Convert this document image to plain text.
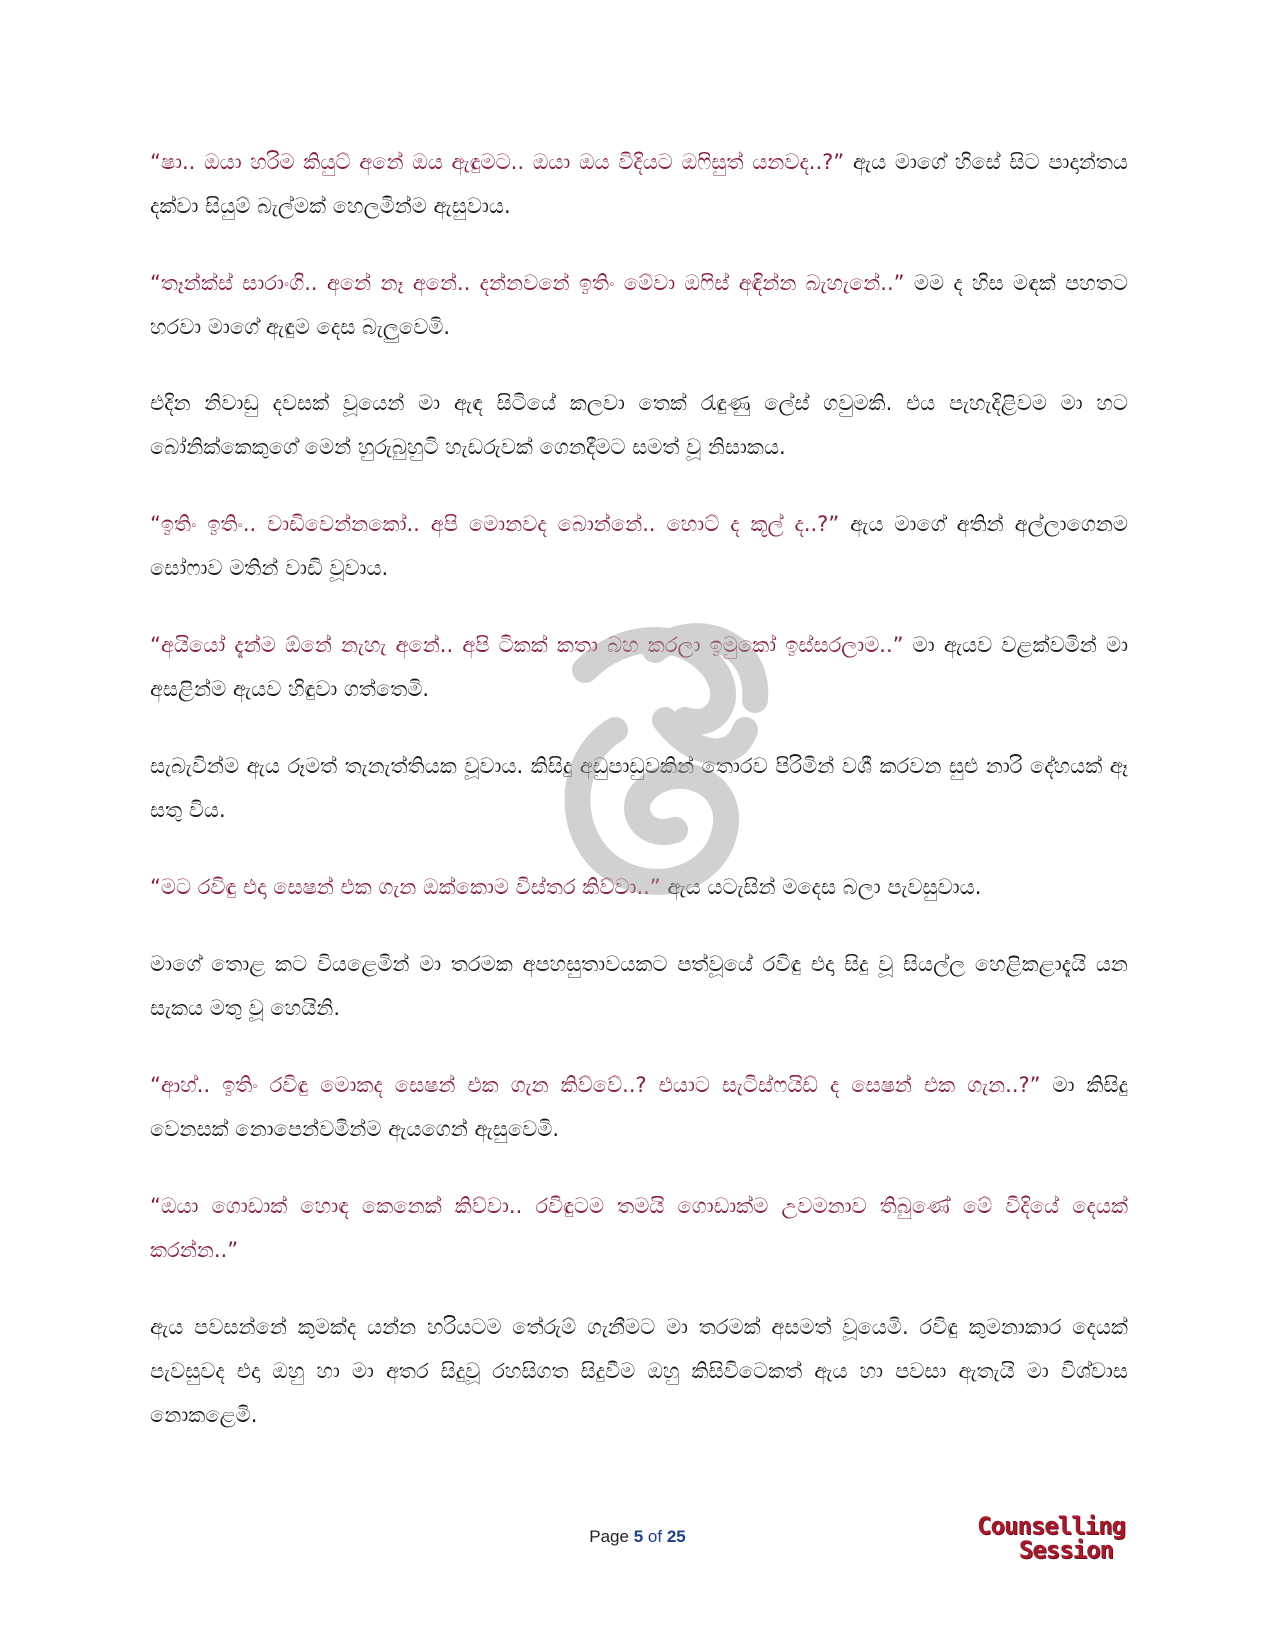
“ෂා.. ඔයා හරිම කියුට් අනේ ඔය ඇඳුමට.. ඔයා ඔය විදියට ඔෆිසුත් යනවද..?” ඇය මාගේ හිසේ සිට පාදාන්තය දක්වා සියුම් බැල්මක් හෙලමින්ම ඇසුවාය.

“තෑන්ක්ස් සාරාංගි.. අනේ නෑ අනේ.. දන්නවනේ ඉතිං මේවා ඔෆිස් අඳින්න බැහැනේ..” මම ද හිස මඳක් පහතට හරවා මාගේ ඇඳුම දෙස බැලුවෙමි.

එදින නිවාඩු දවසක් වූයෙන් මා ඇඳ සිටියේ කලවා තෙක් රැඳුණු ලේස් ගවුමකි. එය පැහැදිළිවම මා හට බෝනික්කෙකුගේ මෙන් හුරුබුහුටි හැඩරුවක් ගෙනදීමට සමත් වූ නිසාකය.

“ඉතිං ඉතිං.. වාඩිවෙන්නකෝ.. අපි මොනවද බොන්නේ.. හොට් ද කූල් ද..?” ඇය මාගේ අතින් අල්ලාගෙනම සෝෆාව මතින් වාඩි වූවාය.

“අයියෝ දැන්ම ඕනේ නැහැ අනේ.. අපි ටිකක් කතා බහ කරලා ඉමුකෝ ඉස්සරලාම..” මා ඇයව වළක්වමින් මා අසළින්ම ඇයව හිඳුවා ගත්තෙමි.

සැබැවින්ම ඇය රූමත් තැනැත්තියක වූවාය. කිසිදු අඩුපාඩුවකින් තොරව පිරිමින් වශී කරවන සුළු නාරි දේහයක් ඈ සතු විය.

“මට රවිඳු එදා සෙෂන් එක ගැන ඔක්කොම විස්තර කිව්වා..” ඇය යටැසින් මදෙස බලා පැවසුවාය.

මාගේ තොළ කට වියළෙමින් මා තරමක අපහසුතාවයකට පත්වූයේ රවිඳු එදා සිදු වූ සියල්ල හෙළිකළාදැයි යන සැකය මතු වූ හෙයිනි.

“ආහ්.. ඉතිං රවිඳු මොකද සෙෂන් එක ගැන කිව්වේ..? එයාට සැටිස්ෆයිඩ් ද සෙෂන් එක ගැන..?” මා කිසිදු වෙනසක් නොපෙන්වමින්ම ඇයගෙන් ඇසුවෙමි.

“ඔයා ගොඩාක් හොඳ කෙනෙක් කිව්වා.. රවිඳුටම තමයි ගොඩාක්ම උවමනාව තිබුණේ මේ විදියේ දෙයක් කරන්න..”

ඇය පවසන්නේ කුමක්ද යන්න හරියටම තේරුම් ගැනීමට මා තරමක් අසමත් වූයෙමි. රවිඳු කුමනාකාර දෙයක් පැවසුවද එදා ඔහු හා මා අතර සිදුවූ රහසිගත සිදුවීම ඔහු කිසිවිටෙකත් ඇය හා පවසා ඇතැයි මා විශ්වාස නොකළෙමි.

Page 5 of 25	Counselling
Session
